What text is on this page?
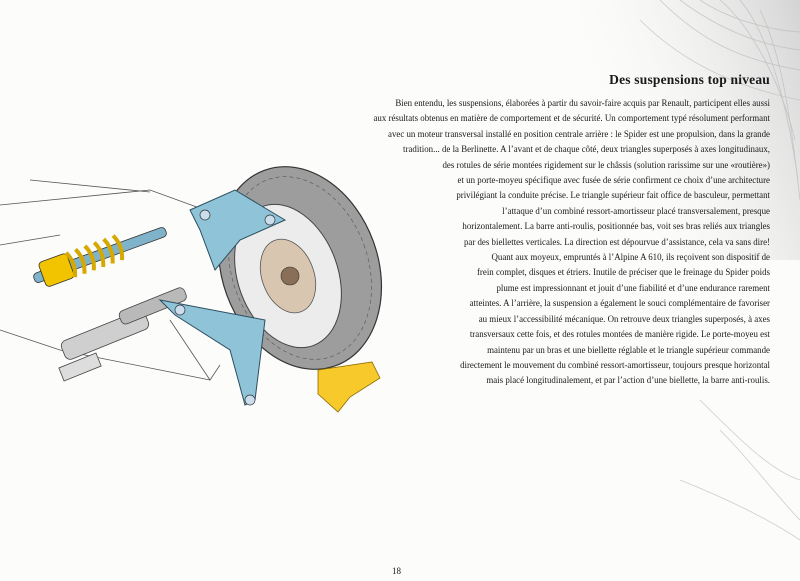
Des suspensions top niveau
Bien entendu, les suspensions, élaborées à partir du savoir-faire acquis par Renault, participent elles aussi
aux résultats obtenus en matière de comportement et de sécurité. Un comportement typé résolument performant
avec un moteur transversal installé en position centrale arrière : le Spider est une propulsion, dans la grande
tradition... de la Berlinette. A l’avant et de chaque côté, deux triangles superposés à axes longitudinaux,
des rotules de série montées rigidement sur le châssis (solution rarissime sur une «routière»)
et un porte-moyeu spécifique avec fusée de série confirment ce choix d’une architecture
privilégiant la conduite précise. Le triangle supérieur fait office de basculeur, permettant
l’attaque d’un combiné ressort-amortisseur placé transversalement, presque
horizontalement. La barre anti-roulis, positionnée bas, voit ses bras reliés aux triangles
par des biellettes verticales. La direction est dépourvue d’assistance, cela va sans dire!
Quant aux moyeux, empruntés à l’Alpine A 610, ils reçoivent son dispositif de
frein complet, disques et étriers. Inutile de préciser que le freinage du Spider poids
plume est impressionnant et jouit d’une fiabilité et d’une endurance rarement
atteintes. A l’arrière, la suspension a également le souci complémentaire de favoriser
au mieux l’accessibilité mécanique. On retrouve deux triangles superposés, à axes
transversaux cette fois, et des rotules montées de manière rigide. Le porte-moyeu est
maintenu par un bras et une biellette réglable et le triangle supérieur commande
directement le mouvement du combiné ressort-amortisseur, toujours presque horizontal
mais placé longitudinalement, et par l’action d’une biellette, la barre anti-roulis.
18
